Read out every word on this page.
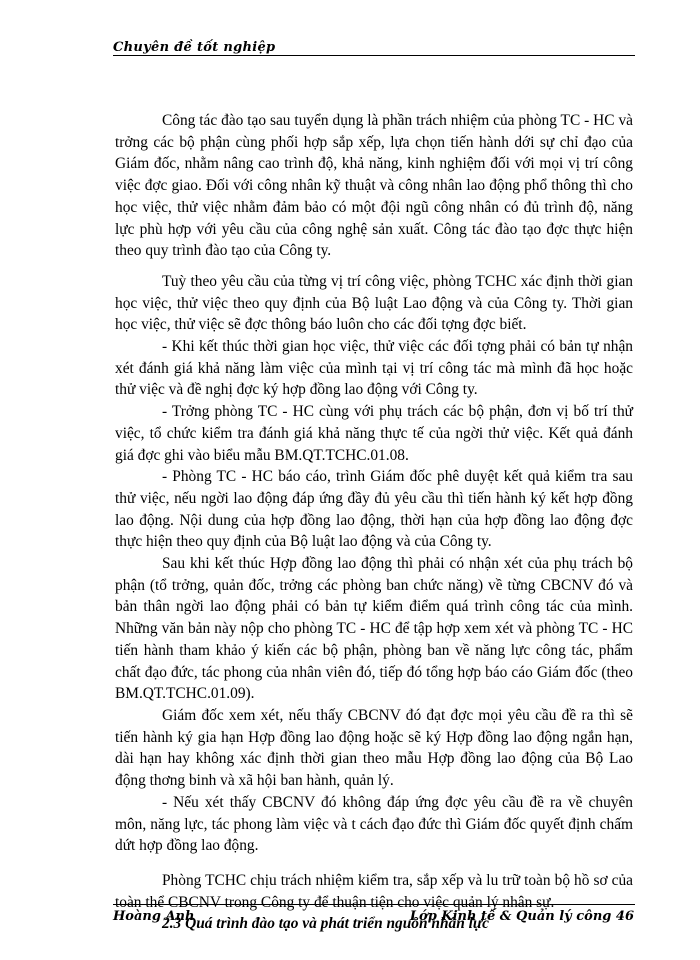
Chuyên đề tốt nghiệp

Công tác đào tạo sau tuyển dụng là phần trách nhiệm của phòng TC - HC và trởng các bộ phận cùng phối hợp sắp xếp, lựa chọn tiến hành dới sự chỉ đạo của Giám đốc, nhằm nâng cao trình độ, khả năng, kinh nghiệm đối với mọi vị trí công việc đợc giao. Đối với công nhân kỹ thuật và công nhân lao động phổ thông thì cho học việc, thử việc nhằm đảm bảo có một đội ngũ công nhân có đủ trình độ, năng lực phù hợp với yêu cầu của công nghệ sản xuất. Công tác đào tạo đợc thực hiện theo quy trình đào tạo của Công ty.

Tuỳ theo yêu cầu của từng vị trí công việc, phòng TCHC xác định thời gian học việc, thử việc theo quy định của Bộ luật Lao động và của Công ty. Thời gian học việc, thử việc sẽ đợc thông báo luôn cho các đối tợng đợc biết.

- Khi kết thúc thời gian học việc, thử việc các đối tợng phải có bản tự nhận xét đánh giá khả năng làm việc của mình tại vị trí công tác mà mình đã học hoặc thử việc và đề nghị đợc ký hợp đồng lao động với Công ty.

- Trởng phòng TC - HC cùng với phụ trách các bộ phận, đơn vị bố trí thử việc, tổ chức kiểm tra đánh giá khả năng thực tế của ngời thử việc. Kết quả đánh giá đợc ghi vào biểu mẫu BM.QT.TCHC.01.08.

- Phòng TC - HC báo cáo, trình Giám đốc phê duyệt kết quả kiểm tra sau thử việc, nếu ngời lao động đáp ứng đầy đủ yêu cầu thì tiến hành ký kết hợp đồng lao động. Nội dung của hợp đồng lao động, thời hạn của hợp đồng lao động đợc thực hiện theo quy định của Bộ luật lao động và của Công ty.

Sau khi kết thúc Hợp đồng lao động thì phải có nhận xét của phụ trách bộ phận (tổ trởng, quản đốc, trởng các phòng ban chức năng) về từng CBCNV đó và bản thân ngời lao động phải có bản tự kiểm điểm quá trình công tác của mình. Những văn bản này nộp cho phòng TC - HC để tập hợp xem xét và phòng TC - HC tiến hành tham khảo ý kiến các bộ phận, phòng ban về năng lực công tác, phẩm chất đạo đức, tác phong của nhân viên đó, tiếp đó tổng hợp báo cáo Giám đốc (theo BM.QT.TCHC.01.09).

Giám đốc xem xét, nếu thấy CBCNV đó đạt đợc mọi yêu cầu đề ra thì sẽ tiến hành ký gia hạn Hợp đồng lao động hoặc sẽ ký Hợp đồng lao động ngắn hạn, dài hạn hay không xác định thời gian theo mẫu Hợp đồng lao động của Bộ Lao động thơng binh và xã hội ban hành, quản lý.

- Nếu xét thấy CBCNV đó không đáp ứng đợc yêu cầu đề ra về chuyên môn, năng lực, tác phong làm việc và t cách đạo đức thì Giám đốc quyết định chấm dứt hợp đồng lao động.

Phòng TCHC chịu trách nhiệm kiểm tra, sắp xếp và lu trữ toàn bộ hồ sơ của toàn thể CBCNV trong Công ty để thuận tiện cho việc quản lý nhân sự.

2.3 Quá trình đào tạo và phát triển nguồn nhân lực

Hoàng Anh	Lớp Kinh tế & Quản lý công 46
